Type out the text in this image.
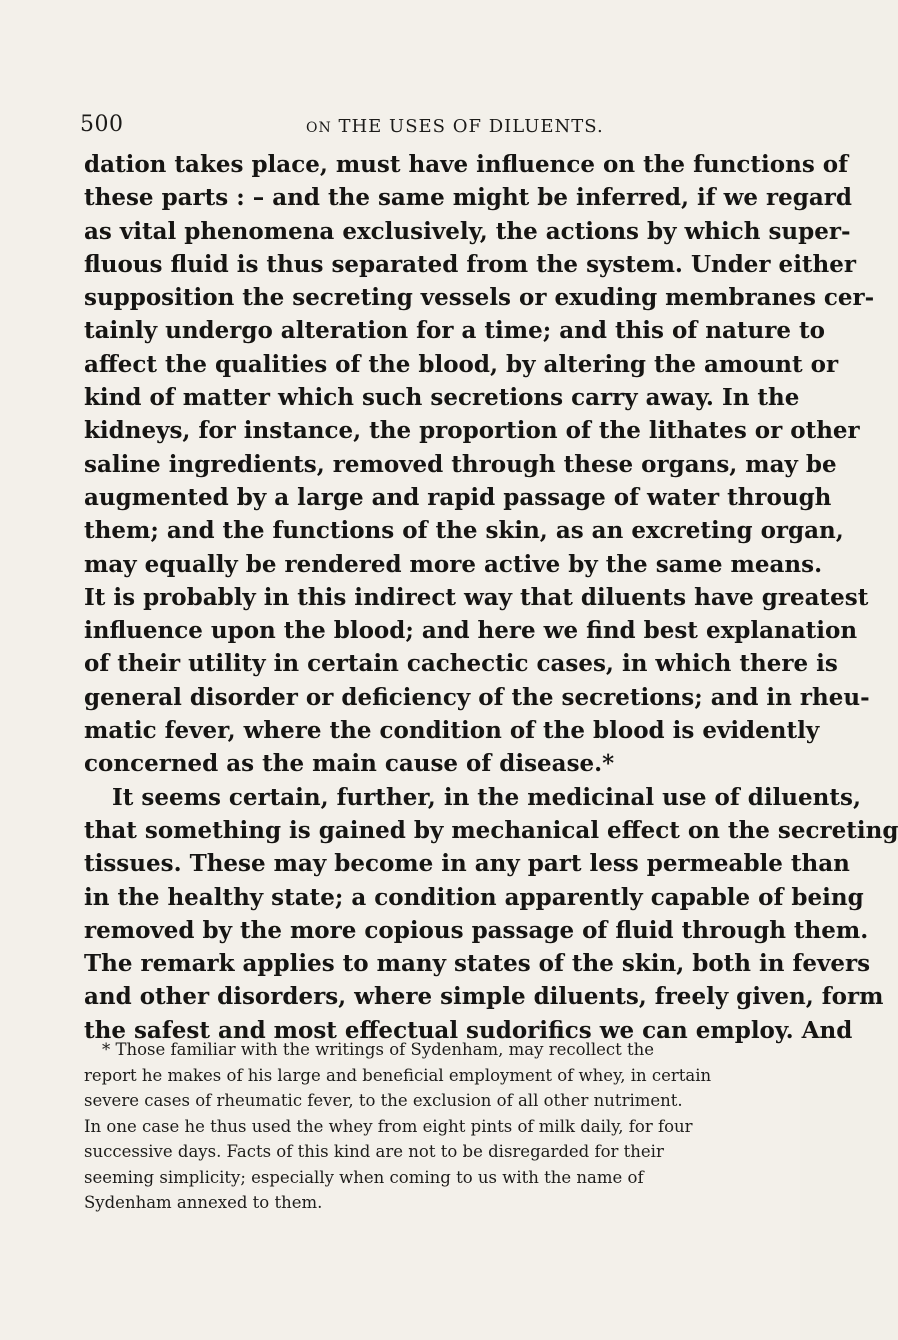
500	ON THE USES OF DILUENTS.
dation takes place, must have influence on the functions of
these parts : – and the same might be inferred, if we regard
as vital phenomena exclusively, the actions by which super-
fluous fluid is thus separated from the system. Under either
supposition the secreting vessels or exuding membranes cer-
tainly undergo alteration for a time; and this of nature to
affect the qualities of the blood, by altering the amount or
kind of matter which such secretions carry away. In the
kidneys, for instance, the proportion of the lithates or other
saline ingredients, removed through these organs, may be
augmented by a large and rapid passage of water through
them; and the functions of the skin, as an excreting organ,
may equally be rendered more active by the same means.
It is probably in this indirect way that diluents have greatest
influence upon the blood; and here we find best explanation
of their utility in certain cachectic cases, in which there is
general disorder or deficiency of the secretions; and in rheu-
matic fever, where the condition of the blood is evidently
concerned as the main cause of disease.*
It seems certain, further, in the medicinal use of diluents,
that something is gained by mechanical effect on the secreting
tissues. These may become in any part less permeable than
in the healthy state; a condition apparently capable of being
removed by the more copious passage of fluid through them.
The remark applies to many states of the skin, both in fevers
and other disorders, where simple diluents, freely given, form
the safest and most effectual sudorifics we can employ. And
* Those familiar with the writings of Sydenham, may recollect the
report he makes of his large and beneficial employment of whey, in certain
severe cases of rheumatic fever, to the exclusion of all other nutriment.
In one case he thus used the whey from eight pints of milk daily, for four
successive days. Facts of this kind are not to be disregarded for their
seeming simplicity; especially when coming to us with the name of
Sydenham annexed to them.
